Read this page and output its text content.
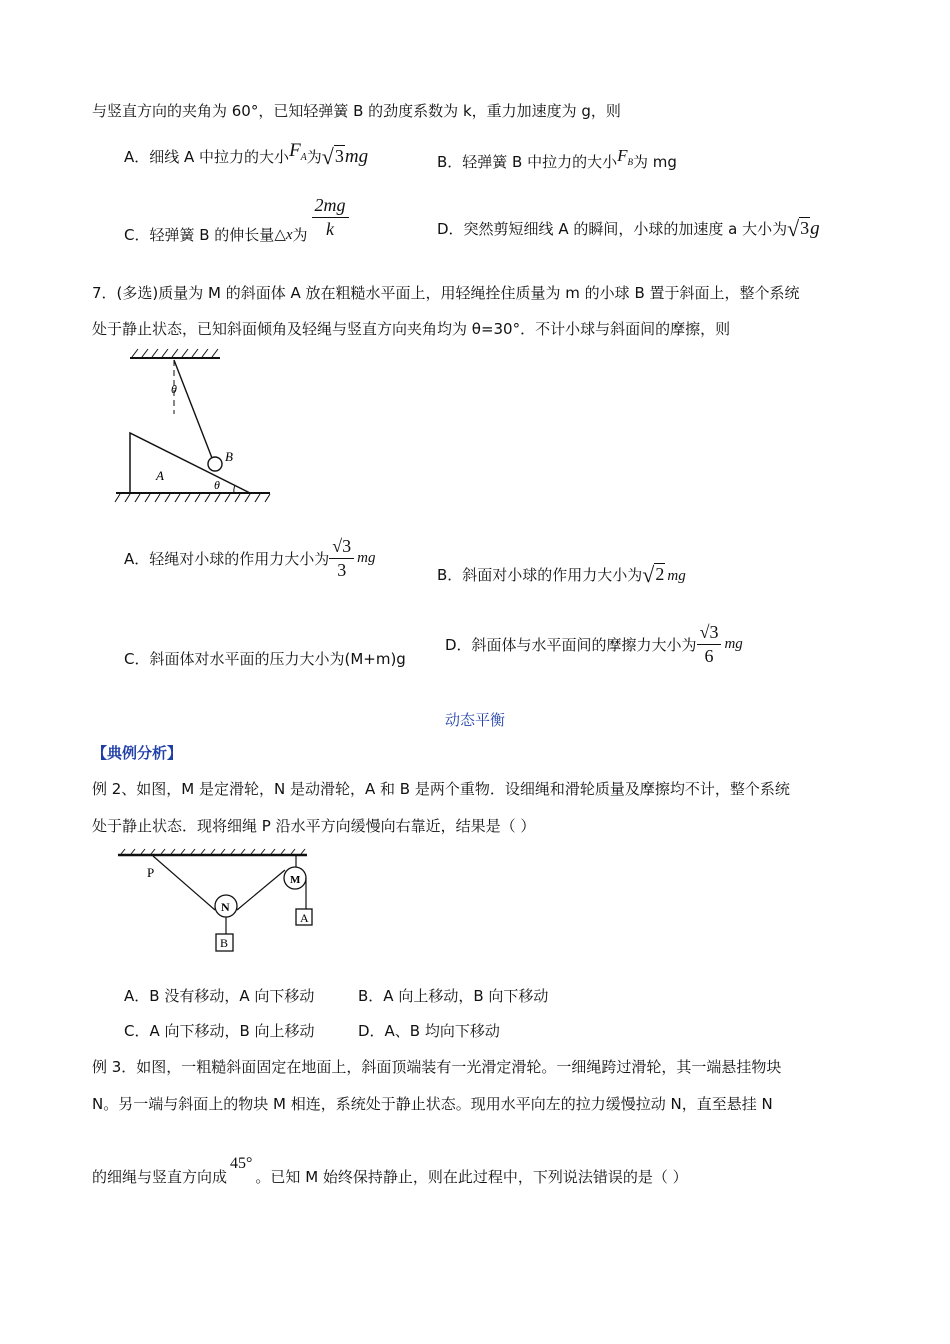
与竖直方向的夹角为 60°，已知轻弹簧 B 的劲度系数为 k，重力加速度为 g，则
A．细线 A 中拉力的大小FA为√3mg	B．轻弹簧 B 中拉力的大小FB为 mg
C．轻弹簧 B 的伸长量 △x 为 $\frac{2mg}{k}$	D．突然剪短细线 A 的瞬间，小球的加速度 a 大小为√3g
7．(多选)质量为 M 的斜面体 A 放在粗糙水平面上，用轻绳拴住质量为 m 的小球 B 置于斜面上，整个系统
处于静止状态，已知斜面倾角及轻绳与竖直方向夹角均为 θ=30°．不计小球与斜面间的摩擦，则
θ
B
A
θ
A．轻绳对小球的作用力大小为 $\frac{√3}{3}$ mg
B．斜面对小球的作用力大小为√2 mg
C．斜面体对水平面的压力大小为(M+m)g
D．斜面体与水平面间的摩擦力大小为 $\frac{√3}{6}$ mg
动态平衡
【典例分析】
例 2、如图，M 是定滑轮，N 是动滑轮，A 和 B 是两个重物．设细绳和滑轮质量及摩擦均不计，整个系统
处于静止状态．现将细绳 P 沿水平方向缓慢向右靠近，结果是（ ）
P
N
M
A
B
A．B 没有移动，A 向下移动	B．A 向上移动，B 向下移动
C．A 向下移动，B 向上移动	D．A、B 均向下移动
例 3．如图，一粗糙斜面固定在地面上，斜面顶端装有一光滑定滑轮。一细绳跨过滑轮，其一端悬挂物块
N。另一端与斜面上的物块 M 相连，系统处于静止状态。现用水平向左的拉力缓慢拉动 N，直至悬挂 N
的细绳与竖直方向成45°。已知 M 始终保持静止，则在此过程中，下列说法错误的是（ ）
